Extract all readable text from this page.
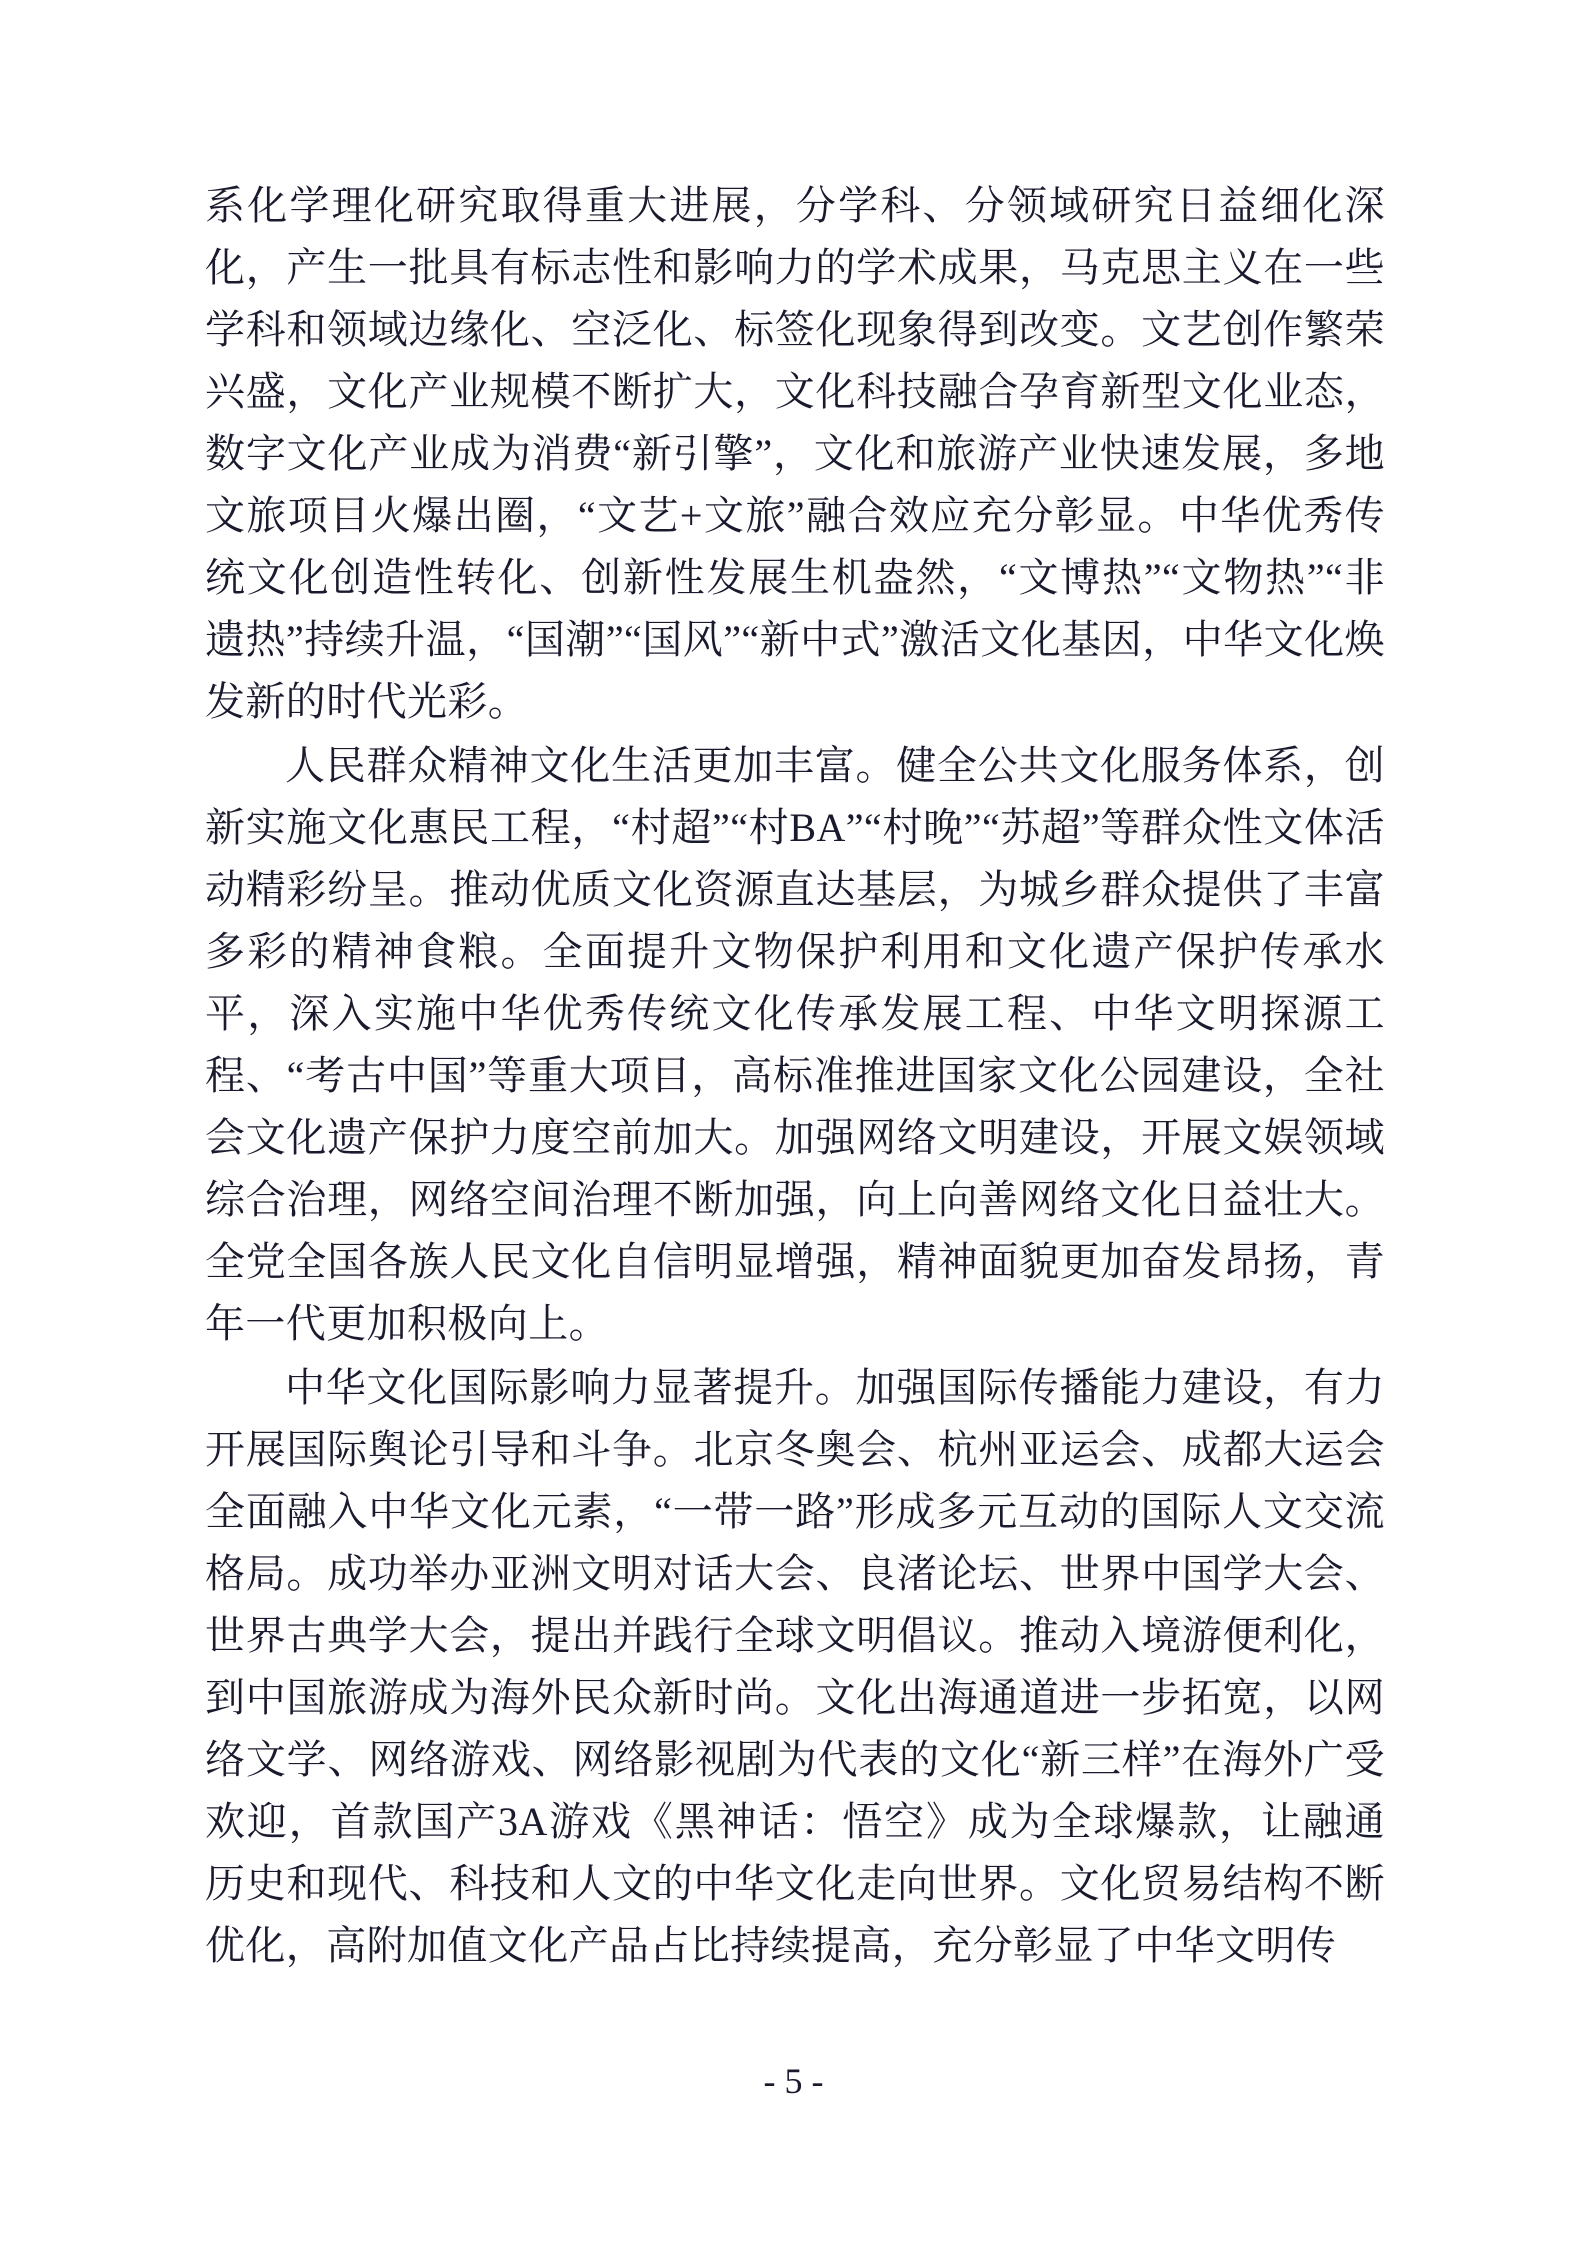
系化学理化研究取得重大进展，分学科、分领域研究日益细化深化，产生一批具有标志性和影响力的学术成果，马克思主义在一些学科和领域边缘化、空泛化、标签化现象得到改变。文艺创作繁荣兴盛，文化产业规模不断扩大，文化科技融合孕育新型文化业态，数字文化产业成为消费“新引擎”，文化和旅游产业快速发展，多地文旅项目火爆出圈，“文艺+文旅”融合效应充分彰显。中华优秀传统文化创造性转化、创新性发展生机盎然，“文博热”“文物热”“非遗热”持续升温，“国潮”“国风”“新中式”激活文化基因，中华文化焕发新的时代光彩。

人民群众精神文化生活更加丰富。健全公共文化服务体系，创新实施文化惠民工程，“村超”“村BA”“村晚”“苏超”等群众性文体活动精彩纷呈。推动优质文化资源直达基层，为城乡群众提供了丰富多彩的精神食粮。全面提升文物保护利用和文化遗产保护传承水平，深入实施中华优秀传统文化传承发展工程、中华文明探源工程、“考古中国”等重大项目，高标准推进国家文化公园建设，全社会文化遗产保护力度空前加大。加强网络文明建设，开展文娱领域综合治理，网络空间治理不断加强，向上向善网络文化日益壮大。全党全国各族人民文化自信明显增强，精神面貌更加奋发昂扬，青年一代更加积极向上。

中华文化国际影响力显著提升。加强国际传播能力建设，有力开展国际舆论引导和斗争。北京冬奥会、杭州亚运会、成都大运会全面融入中华文化元素，“一带一路”形成多元互动的国际人文交流格局。成功举办亚洲文明对话大会、良渚论坛、世界中国学大会、世界古典学大会，提出并践行全球文明倡议。推动入境游便利化，到中国旅游成为海外民众新时尚。文化出海通道进一步拓宽，以网络文学、网络游戏、网络影视剧为代表的文化“新三样”在海外广受欢迎，首款国产3A游戏《黑神话：悟空》成为全球爆款，让融通历史和现代、科技和人文的中华文化走向世界。文化贸易结构不断优化，高附加值文化产品占比持续提高，充分彰显了中华文明传

- 5 -
